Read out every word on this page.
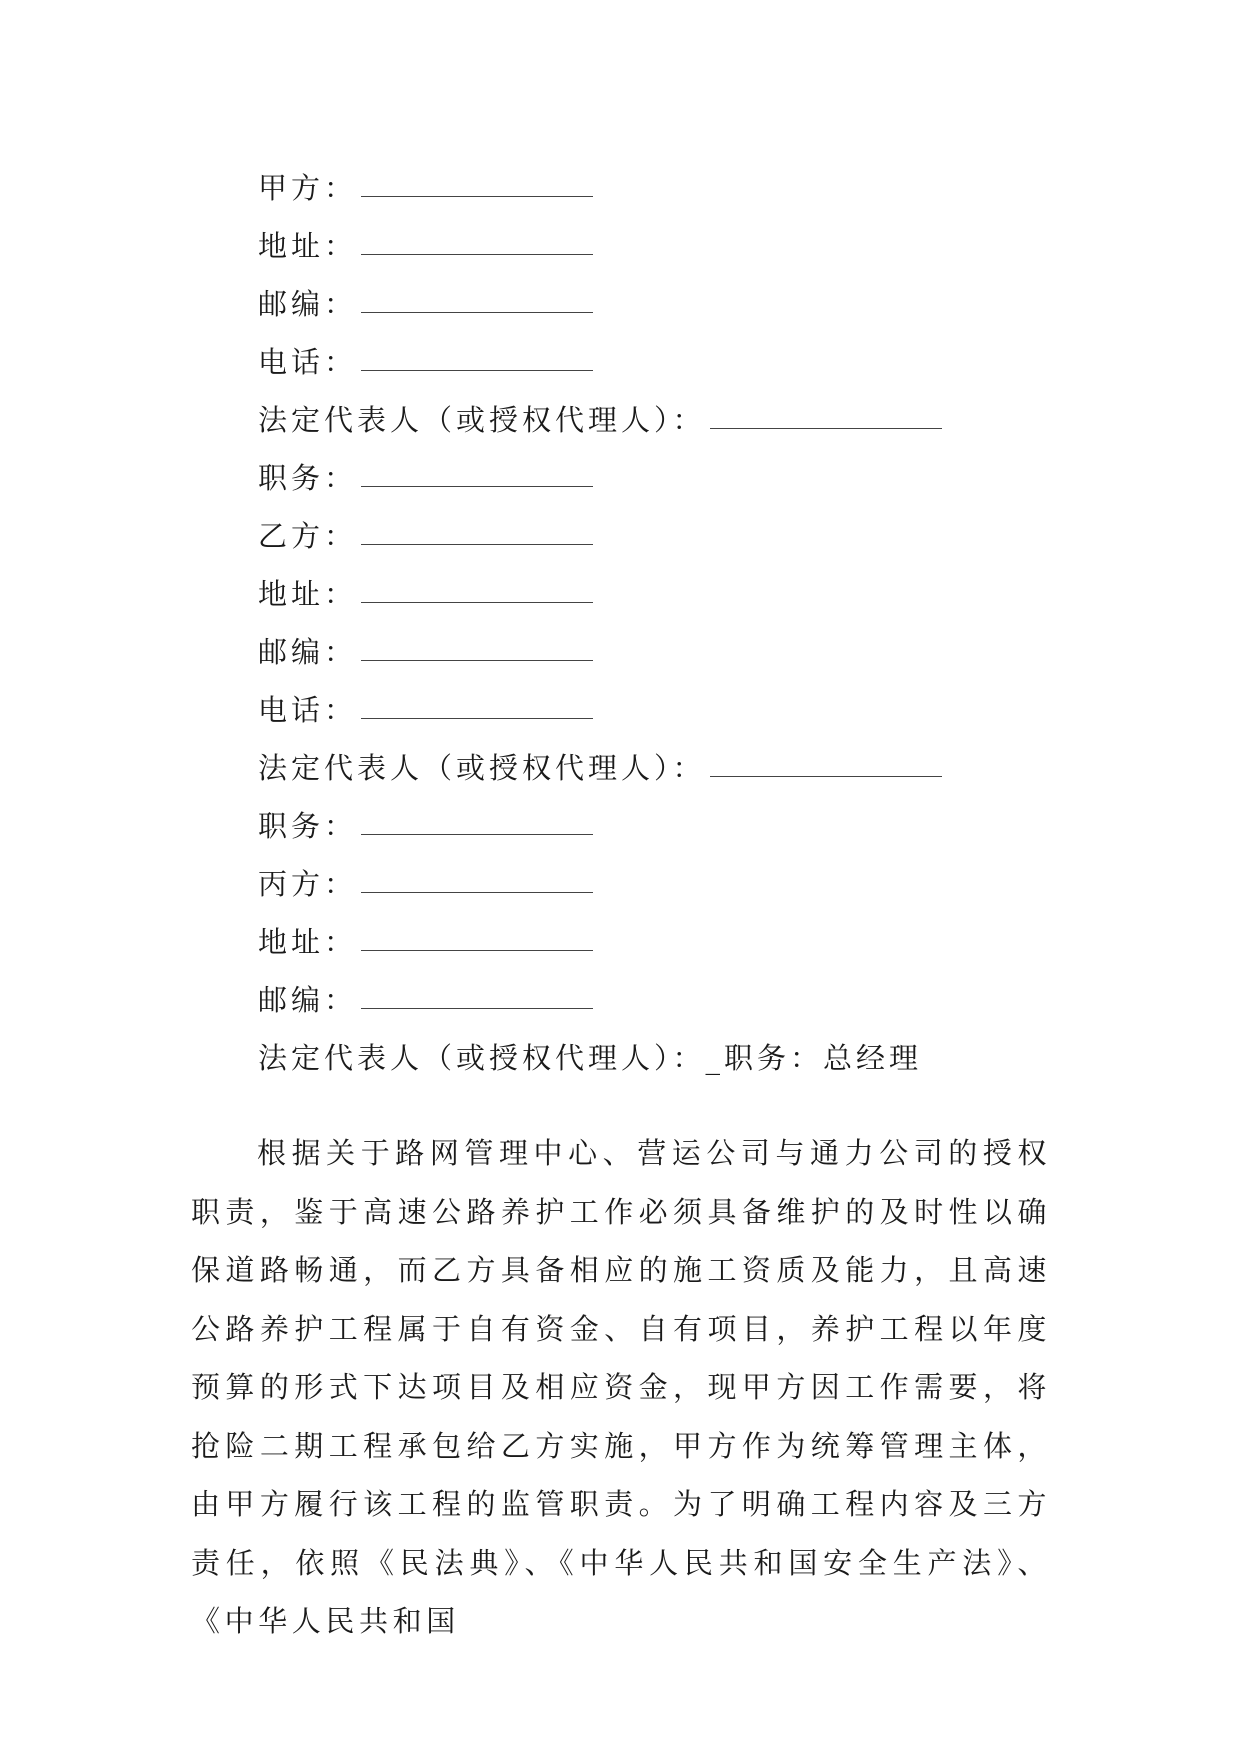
甲方：
地址：
邮编：
电话：
法定代表人（或授权代理人）：
职务：
乙方：
地址：
邮编：
电话：
法定代表人（或授权代理人）：
职务：
丙方：
地址：
邮编：
法定代表人（或授权代理人）：_职务：总经理

根据关于路网管理中心、营运公司与通力公司的授权职责，鉴于高速公路养护工作必须具备维护的及时性以确保道路畅通，而乙方具备相应的施工资质及能力，且高速公路养护工程属于自有资金、自有项目，养护工程以年度预算的形式下达项目及相应资金，现甲方因工作需要，将抢险二期工程承包给乙方实施，甲方作为统筹管理主体，由甲方履行该工程的监管职责。为了明确工程内容及三方责任，依照《民法典》、《中华人民共和国安全生产法》、《中华人民共和国
